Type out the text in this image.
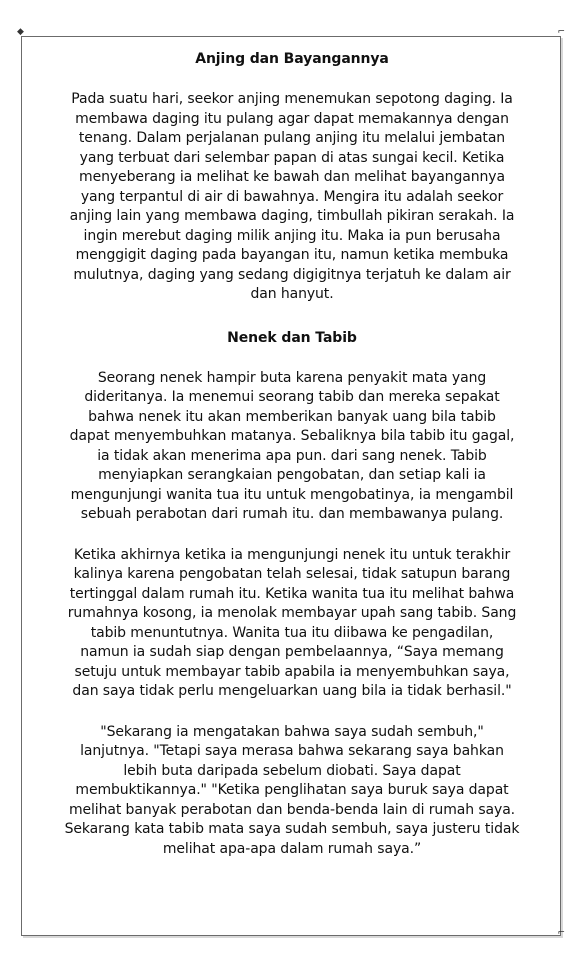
◆	⌐
⌐
Anjing dan Bayangannya

Pada suatu hari, seekor anjing menemukan sepotong daging. Ia
membawa daging itu pulang agar dapat memakannya dengan
tenang. Dalam perjalanan pulang anjing itu melalui jembatan
yang terbuat dari selembar papan di atas sungai kecil. Ketika
menyeberang ia melihat ke bawah dan melihat bayangannya
yang terpantul di air di bawahnya. Mengira itu adalah seekor
anjing lain yang membawa daging, timbullah pikiran serakah. Ia
ingin merebut daging milik anjing itu. Maka ia pun berusaha
menggigit daging pada bayangan itu, namun ketika membuka
mulutnya, daging yang sedang digigitnya terjatuh ke dalam air
dan hanyut.

Nenek dan Tabib

Seorang nenek hampir buta karena penyakit mata yang
dideritanya. Ia menemui seorang tabib dan mereka sepakat
bahwa nenek itu akan memberikan banyak uang bila tabib
dapat menyembuhkan matanya. Sebaliknya bila tabib itu gagal,
ia tidak akan menerima apa pun. dari sang nenek. Tabib
menyiapkan serangkaian pengobatan, dan setiap kali ia
mengunjungi wanita tua itu untuk mengobatinya, ia mengambil
sebuah perabotan dari rumah itu. dan membawanya pulang.

Ketika akhirnya ketika ia mengunjungi nenek itu untuk terakhir
kalinya karena pengobatan telah selesai, tidak satupun barang
tertinggal dalam rumah itu. Ketika wanita tua itu melihat bahwa
rumahnya kosong, ia menolak membayar upah sang tabib. Sang
tabib menuntutnya. Wanita tua itu diibawa ke pengadilan,
namun ia sudah siap dengan pembelaannya, “Saya memang
setuju untuk membayar tabib apabila ia menyembuhkan saya,
dan saya tidak perlu mengeluarkan uang bila ia tidak berhasil."

"Sekarang ia mengatakan bahwa saya sudah sembuh,"
lanjutnya. "Tetapi saya merasa bahwa sekarang saya bahkan
lebih buta daripada sebelum diobati. Saya dapat
membuktikannya." "Ketika penglihatan saya buruk saya dapat
melihat banyak perabotan dan benda-benda lain di rumah saya.
Sekarang kata tabib mata saya sudah sembuh, saya justeru tidak
melihat apa-apa dalam rumah saya.”
